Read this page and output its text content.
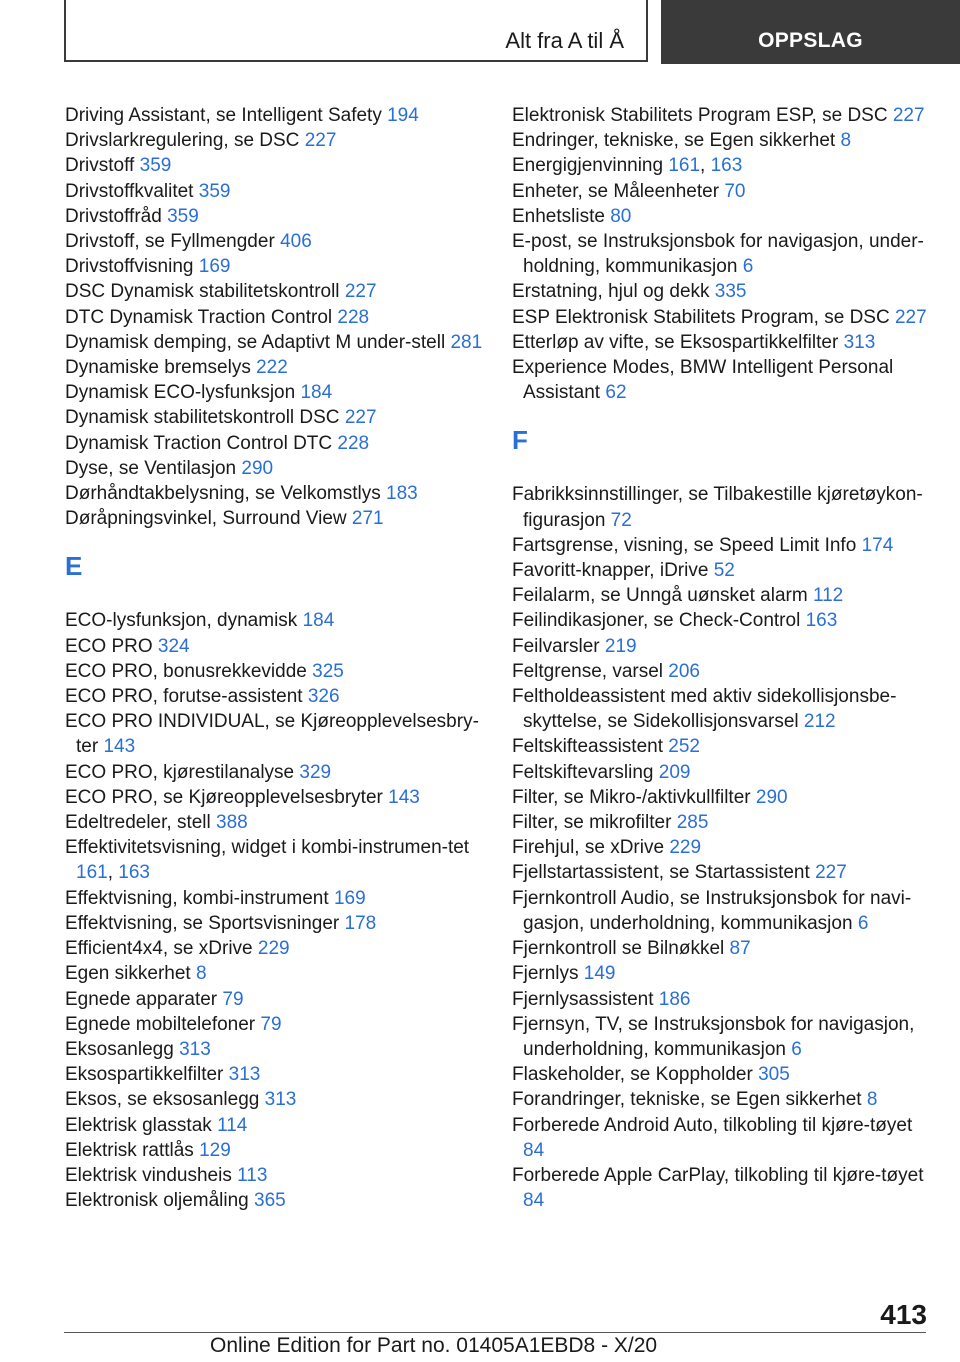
Alt fra A til Å	OPPSLAG
Driving Assistant, se Intelligent Safety 194
Drivslarkregulering, se DSC 227
Drivstoff 359
Drivstoffkvalitet 359
Drivstoffråd 359
Drivstoff, se Fyllmengder 406
Drivstoffvisning 169
DSC Dynamisk stabilitetskontroll 227
DTC Dynamisk Traction Control 228
Dynamisk demping, se Adaptivt M under-stell 281
Dynamiske bremselys 222
Dynamisk ECO-lysfunksjon 184
Dynamisk stabilitetskontroll DSC 227
Dynamisk Traction Control DTC 228
Dyse, se Ventilasjon 290
Dørhåndtakbelysning, se Velkomstlys 183
Døråpningsvinkel, Surround View 271
E
ECO-lysfunksjon, dynamisk 184
ECO PRO 324
ECO PRO, bonusrekkevidde 325
ECO PRO, forutse-assistent 326
ECO PRO INDIVIDUAL, se Kjøreopplevelsesbry-ter 143
ECO PRO, kjørestilanalyse 329
ECO PRO, se Kjøreopplevelsesbryter 143
Edeltredeler, stell 388
Effektivitetsvisning, widget i kombi-instrumen-tet 161, 163
Effektvisning, kombi-instrument 169
Effektvisning, se Sportsvisninger 178
Efficient4x4, se xDrive 229
Egen sikkerhet 8
Egnede apparater 79
Egnede mobiltelefoner 79
Eksosanlegg 313
Eksospartikkelfilter 313
Eksos, se eksosanlegg 313
Elektrisk glasstak 114
Elektrisk rattlås 129
Elektrisk vindusheis 113
Elektronisk oljemåling 365
Elektronisk Stabilitets Program ESP, se DSC 227
Endringer, tekniske, se Egen sikkerhet 8
Energigjenvinning 161, 163
Enheter, se Måleenheter 70
Enhetsliste 80
E-post, se Instruksjonsbok for navigasjon, under-holdning, kommunikasjon 6
Erstatning, hjul og dekk 335
ESP Elektronisk Stabilitets Program, se DSC 227
Etterløp av vifte, se Eksospartikkelfilter 313
Experience Modes, BMW Intelligent Personal Assistant 62
F
Fabrikksinnstillinger, se Tilbakestille kjøretøykon-figurasjon 72
Fartsgrense, visning, se Speed Limit Info 174
Favoritt-knapper, iDrive 52
Feilalarm, se Unngå uønsket alarm 112
Feilindikasjoner, se Check-Control 163
Feilvarsler 219
Feltgrense, varsel 206
Feltholdeassistent med aktiv sidekollisjonsbe-skyttelse, se Sidekollisjonsvarsel 212
Feltskifteassistent 252
Feltskiftevarsling 209
Filter, se Mikro-/aktivkullfilter 290
Filter, se mikrofilter 285
Firehjul, se xDrive 229
Fjellstartassistent, se Startassistent 227
Fjernkontroll Audio, se Instruksjonsbok for navi-gasjon, underholdning, kommunikasjon 6
Fjernkontroll se Bilnøkkel 87
Fjernlys 149
Fjernlysassistent 186
Fjernsyn, TV, se Instruksjonsbok for navigasjon, underholdning, kommunikasjon 6
Flaskeholder, se Koppholder 305
Forandringer, tekniske, se Egen sikkerhet 8
Forberede Android Auto, tilkobling til kjøre-tøyet 84
Forberede Apple CarPlay, tilkobling til kjøre-tøyet 84
413
Online Edition for Part no. 01405A1EBD8 - X/20
